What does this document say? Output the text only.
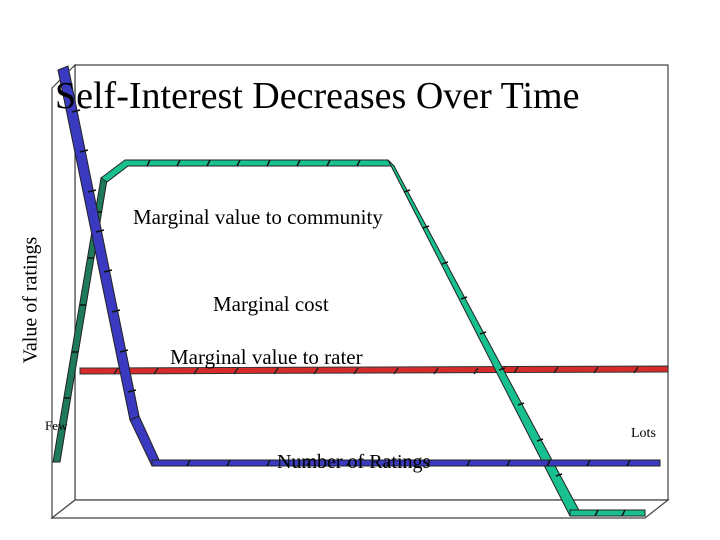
Self-Interest Decreases Over Time
Value of ratings
Marginal value to community
Marginal cost
Marginal value to rater
Few
Lots
Number of Ratings
